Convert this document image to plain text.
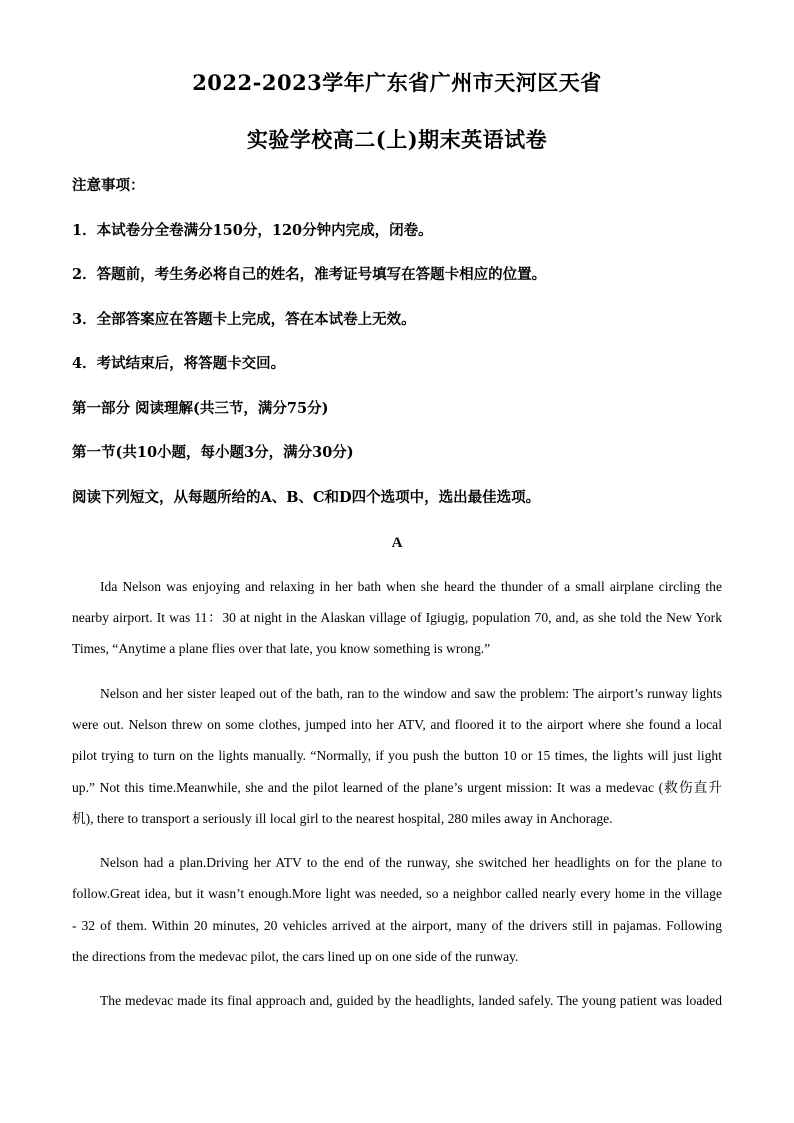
2022-2023学年广东省广州市天河区天省
实验学校高二(上)期末英语试卷
注意事项：
1．本试卷分全卷满分150分，120分钟内完成，闭卷。
2．答题前，考生务必将自己的姓名，准考证号填写在答题卡相应的位置。
3．全部答案应在答题卡上完成，答在本试卷上无效。
4．考试结束后，将答题卡交回。
第一部分 阅读理解(共三节，满分75分)
第一节(共10小题，每小题3分，满分30分)
阅读下列短文，从每题所给的A、B、C和D四个选项中，选出最佳选项。
A
Ida Nelson was enjoying and relaxing in her bath when she heard the thunder of a small airplane circling the
nearby airport. It was 11：30 at night in the Alaskan village of Igiugig, population 70, and, as she told the New York
Times, “Anytime a plane flies over that late, you know something is wrong.”
Nelson and her sister leaped out of the bath, ran to the window and saw the problem: The airport’s runway lights
were out. Nelson threw on some clothes, jumped into her ATV, and floored it to the airport where she found a local
pilot trying to turn on the lights manually. “Normally, if you push the button 10 or 15 times, the lights will just light
up.” Not this time.Meanwhile, she and the pilot learned of the plane’s urgent mission: It was a medevac (救伤直升
机), there to transport a seriously ill local girl to the nearest hospital, 280 miles away in Anchorage.
Nelson had a plan.Driving her ATV to the end of the runway, she switched her headlights on for the plane to
follow.Great idea, but it wasn’t enough.More light was needed, so a neighbor called nearly every home in the village
- 32 of them. Within 20 minutes, 20 vehicles arrived at the airport, many of the drivers still in pajamas. Following
the directions from the medevac pilot, the cars lined up on one side of the runway.
The medevac made its final approach and, guided by the headlights, landed safely. The young patient was loaded
